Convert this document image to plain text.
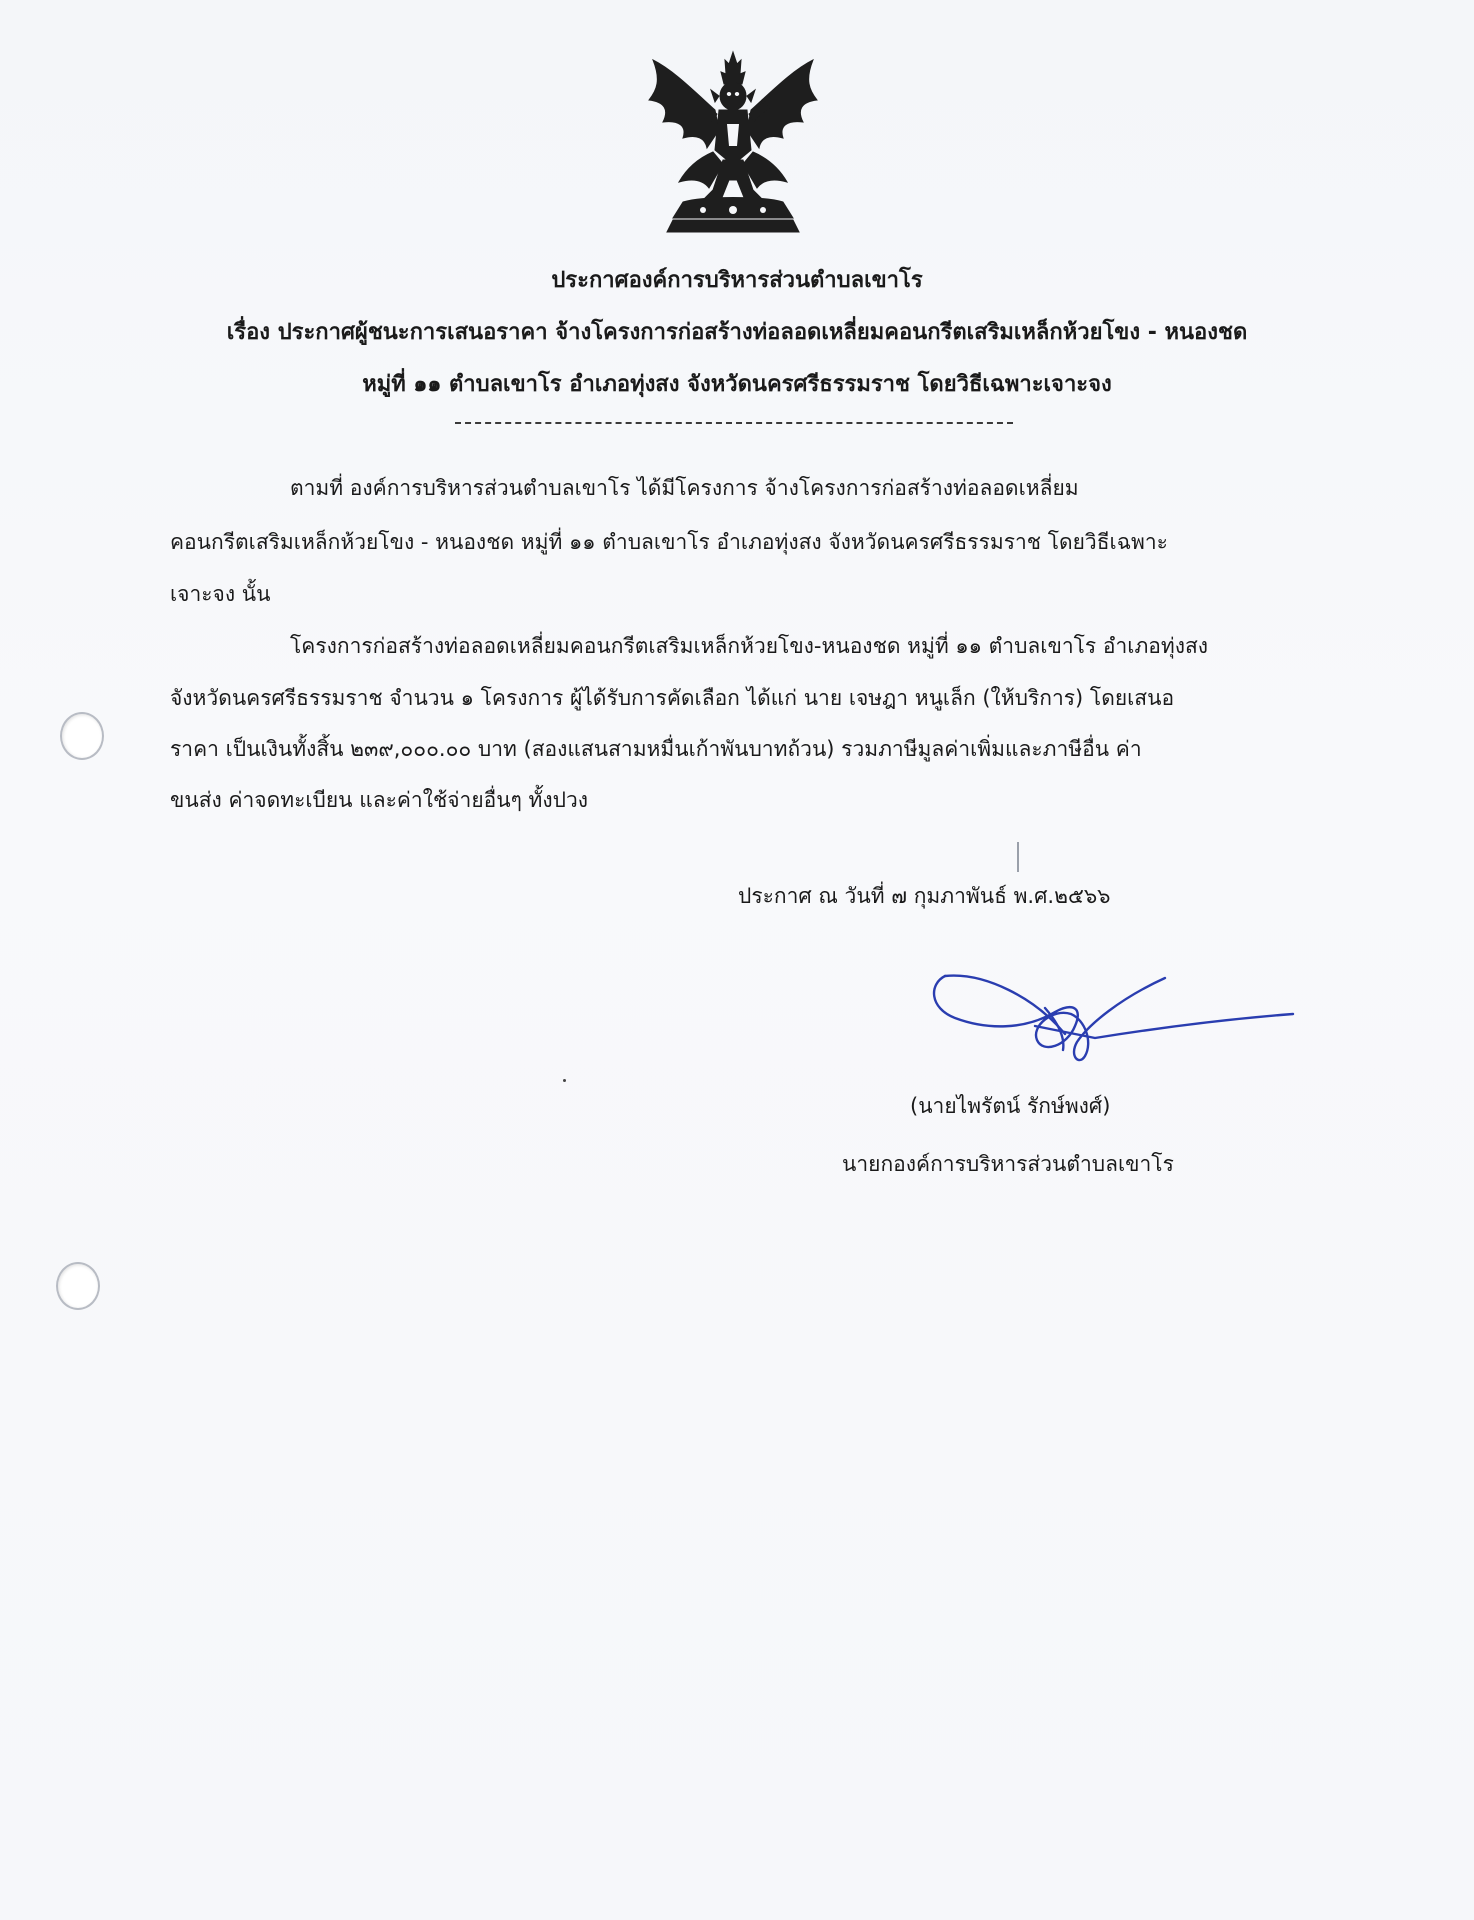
ประกาศองค์การบริหารส่วนตำบลเขาโร
เรื่อง ประกาศผู้ชนะการเสนอราคา จ้างโครงการก่อสร้างท่อลอดเหลี่ยมคอนกรีตเสริมเหล็กห้วยโขง - หนองชด
หมู่ที่ ๑๑ ตำบลเขาโร อำเภอทุ่งสง จังหวัดนครศรีธรรมราช โดยวิธีเฉพาะเจาะจง
ตามที่ องค์การบริหารส่วนตำบลเขาโร ได้มีโครงการ จ้างโครงการก่อสร้างท่อลอดเหลี่ยม
คอนกรีตเสริมเหล็กห้วยโขง - หนองชด หมู่ที่ ๑๑ ตำบลเขาโร อำเภอทุ่งสง จังหวัดนครศรีธรรมราช โดยวิธีเฉพาะ
เจาะจง นั้น
โครงการก่อสร้างท่อลอดเหลี่ยมคอนกรีตเสริมเหล็กห้วยโขง-หนองชด หมู่ที่ ๑๑ ตำบลเขาโร อำเภอทุ่งสง
จังหวัดนครศรีธรรมราช จำนวน ๑ โครงการ ผู้ได้รับการคัดเลือก ได้แก่ นาย เจษฎา หนูเล็ก (ให้บริการ) โดยเสนอ
ราคา เป็นเงินทั้งสิ้น ๒๓๙,๐๐๐.๐๐ บาท (สองแสนสามหมื่นเก้าพันบาทถ้วน) รวมภาษีมูลค่าเพิ่มและภาษีอื่น ค่า
ขนส่ง ค่าจดทะเบียน และค่าใช้จ่ายอื่นๆ ทั้งปวง
ประกาศ ณ วันที่ ๗ กุมภาพันธ์ พ.ศ.๒๕๖๖
(นายไพรัตน์ รักษ์พงศ์)
นายกองค์การบริหารส่วนตำบลเขาโร
